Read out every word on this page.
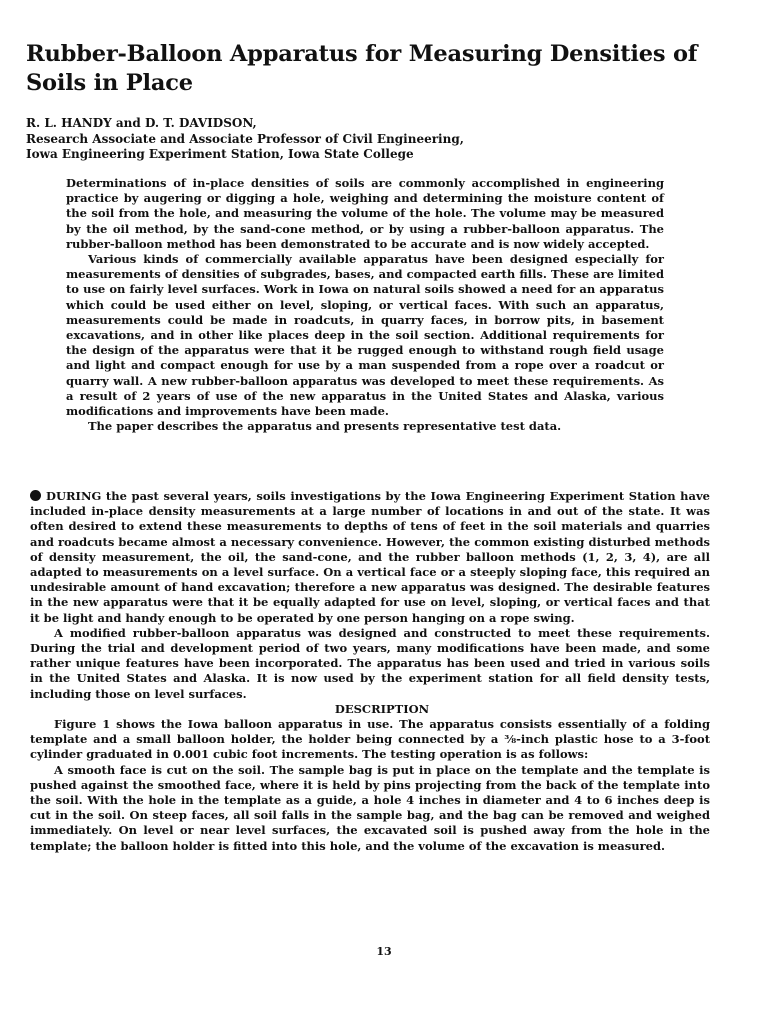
Rubber-Balloon Apparatus for Measuring Densities of Soils in Place
R. L. HANDY and D. T. DAVIDSON,
Research Associate and Associate Professor of Civil Engineering,
Iowa Engineering Experiment Station, Iowa State College

Determinations of in-place densities of soils are commonly accomplished in engineering practice by augering or digging a hole, weighing and determining the moisture content of the soil from the hole, and measuring the volume of the hole. The volume may be measured by the oil method, by the sand-cone method, or by using a rubber-balloon apparatus. The rubber-balloon method has been demonstrated to be accurate and is now widely accepted.

Various kinds of commercially available apparatus have been designed especially for measurements of densities of subgrades, bases, and compacted earth fills. These are limited to use on fairly level surfaces. Work in Iowa on natural soils showed a need for an apparatus which could be used either on level, sloping, or vertical faces. With such an apparatus, measurements could be made in roadcuts, in quarry faces, in borrow pits, in basement excavations, and in other like places deep in the soil section. Additional requirements for the design of the apparatus were that it be rugged enough to withstand rough field usage and light and compact enough for use by a man suspended from a rope over a roadcut or quarry wall. A new rubber-balloon apparatus was developed to meet these requirements. As a result of 2 years of use of the new apparatus in the United States and Alaska, various modifications and improvements have been made.

The paper describes the apparatus and presents representative test data.

DURING the past several years, soils investigations by the Iowa Engineering Experiment Station have included in-place density measurements at a large number of locations in and out of the state. It was often desired to extend these measurements to depths of tens of feet in the soil materials and quarries and roadcuts became almost a necessary convenience. However, the common existing disturbed methods of density measurement, the oil, the sand-cone, and the rubber balloon methods (1, 2, 3, 4), are all adapted to measurements on a level surface. On a vertical face or a steeply sloping face, this required an undesirable amount of hand excavation; therefore a new apparatus was designed. The desirable features in the new apparatus were that it be equally adapted for use on level, sloping, or vertical faces and that it be light and handy enough to be operated by one person hanging on a rope swing.

A modified rubber-balloon apparatus was designed and constructed to meet these requirements. During the trial and development period of two years, many modifications have been made, and some rather unique features have been incorporated. The apparatus has been used and tried in various soils in the United States and Alaska. It is now used by the experiment station for all field density tests, including those on level surfaces.

DESCRIPTION

Figure 1 shows the Iowa balloon apparatus in use. The apparatus consists essentially of a folding template and a small balloon holder, the holder being connected by a ⅜-inch plastic hose to a 3-foot cylinder graduated in 0.001 cubic foot increments. The testing operation is as follows:

A smooth face is cut on the soil. The sample bag is put in place on the template and the template is pushed against the smoothed face, where it is held by pins projecting from the back of the template into the soil. With the hole in the template as a guide, a hole 4 inches in diameter and 4 to 6 inches deep is cut in the soil. On steep faces, all soil falls in the sample bag, and the bag can be removed and weighed immediately. On level or near level surfaces, the excavated soil is pushed away from the hole in the template; the balloon holder is fitted into this hole, and the volume of the excavation is measured.

13
